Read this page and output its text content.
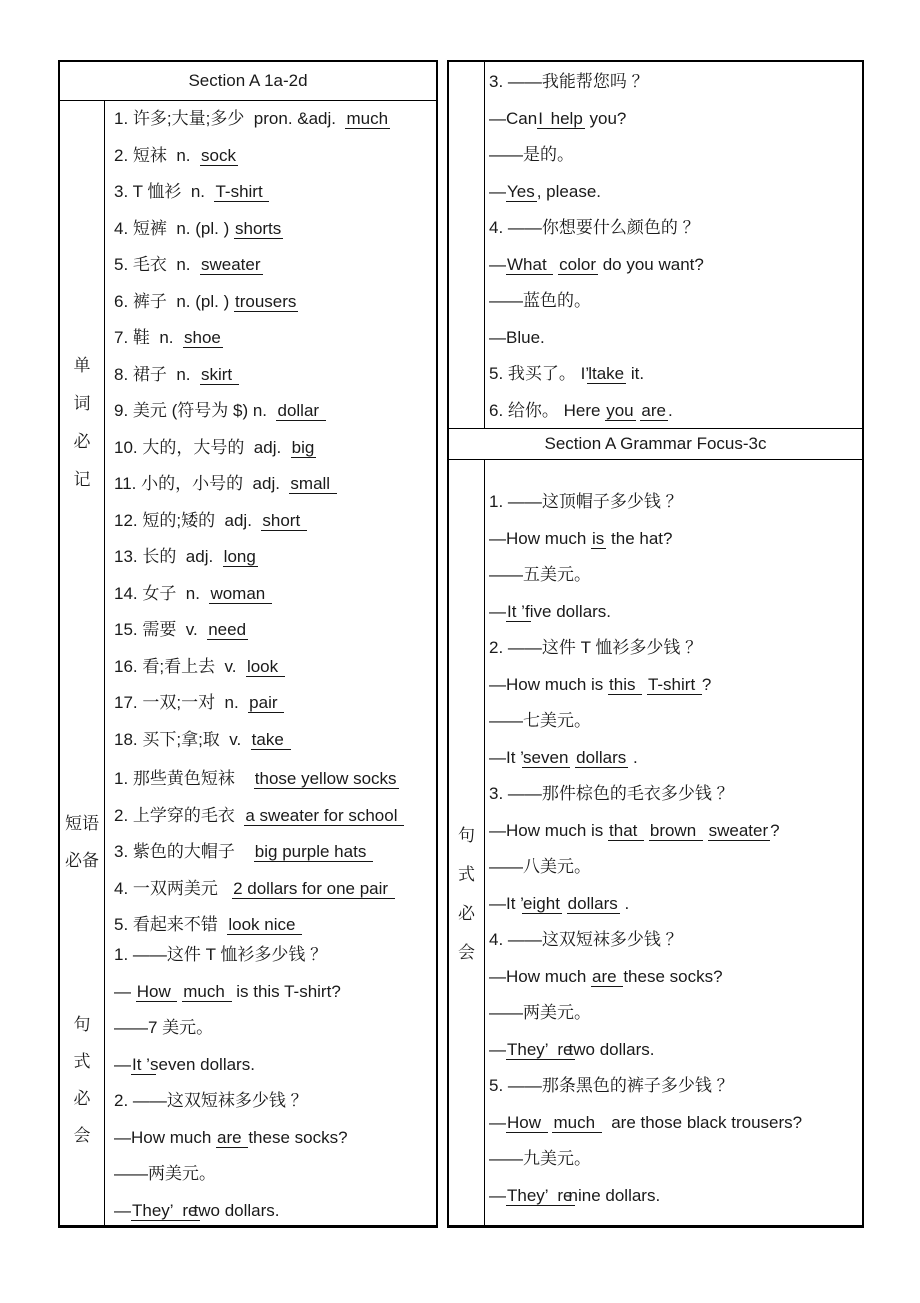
Section A 1a-2d
单
词
必
记
1. 许多;大量;多少  pron. &adj.  much
2. 短袜  n.  sock
3. T 恤衫  n.  T-shirt
4. 短裤  n. (pl. ) shorts
5. 毛衣  n.  sweater
6. 裤子  n. (pl. ) trousers
7. 鞋  n.  shoe
8. 裙子  n.  skirt
9. 美元 (符号为 $) n.  dollar
10. 大的，大号的  adj.  big
11. 小的，小号的  adj.  small
12. 短的;矮的  adj.  short
13. 长的  adj.  long
14. 女子  n.  woman
15. 需要  v.  need
16. 看;看上去  v.  look
17. 一双;一对  n.  pair
18. 买下;拿;取  v.  take
短语
必备
1. 那些黄色短袜    those yellow socks
2. 上学穿的毛衣  a sweater for school
3. 紫色的大帽子    big purple hats
4. 一双两美元   2 dollars for one pair
5. 看起来不错  look nice
句
式
必
会
1. ——这件 T 恤衫多少钱 ？
— How  much  is this T-shirt?
——7 美元。
—It ’ seven dollars.
2. ——这双短袜多少钱 ？
—How much are these socks?
——两美元。
—They’  retwo dollars.
3. ——我能帮您吗 ？
—CanI help you?
——是的。
—Yes , please.
4. ——你想要什么颜色的 ？
—What  color do you want?
——蓝色的。
—Blue.
5. 我买了。 I’ ltake it.
6. 给你。 Here you are .
Section A Grammar Focus-3c
句
式
必
会
1. ——这顶帽子多少钱 ？
—How much is the hat?
——五美元。
—It ’ five dollars.
2. ——这件 T 恤衫多少钱 ？
—How much is this  T-shirt ?
——七美元。
—It ’ seven dollars .
3. ——那件棕色的毛衣多少钱 ？
—How much is that  brown  sweater ?
——八美元。
—It ’ eight dollars .
4. ——这双短袜多少钱 ？
—How much are these socks?
——两美元。
—They’  retwo dollars.
5. ——那条黑色的裤子多少钱 ？
—How  much   are those black trousers?
——九美元。
—They’  renine dollars.
